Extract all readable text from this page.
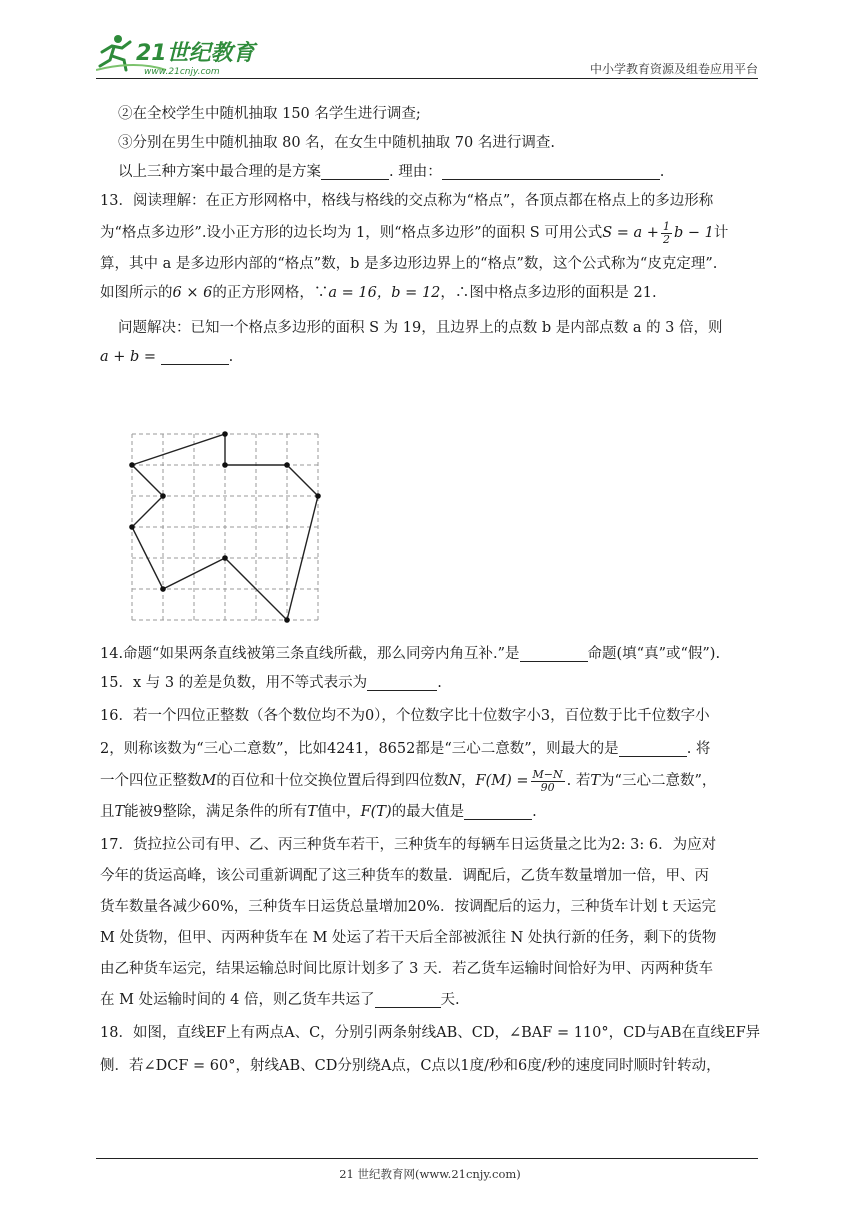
21世纪教育
www.21cnjy.com	中小学教育资源及组卷应用平台
②在全校学生中随机抽取 150 名学生进行调查;
③分别在男生中随机抽取 80 名，在女生中随机抽取 70 名进行调查.
以上三种方案中最合理的是方案	. 理由：	.
13．阅读理解：在正方形网格中，格线与格线的交点称为“格点”，各顶点都在格点上的多边形称
为“格点多边形”.设小正方形的边长均为 1，则“格点多边形”的面积 S 可用公式$S = a + \frac{1}{2}$ b − 1计
算，其中 a 是多边形内部的“格点”数，b 是多边形边界上的“格点”数，这个公式称为“皮克定理”.
如图所示的6 × 6的正方形网格，∵a = 16，b = 12，∴图中格点多边形的面积是 21.
问题解决：已知一个格点多边形的面积 S 为 19，且边界上的点数 b 是内部点数 a 的 3 倍，则
a + b =	.
14.命题“如果两条直线被第三条直线所截，那么同旁内角互补.”是	命题(填“真”或“假”).
15．x 与 3 的差是负数，用不等式表示为	.
16．若一个四位正整数（各个数位均不为0），个位数字比十位数字小3，百位数于比千位数字小
2，则称该数为“三心二意数”，比如4241，8652都是“三心二意数”，则最大的是	. 将
一个四位正整数M的百位和十位交换位置后得到四位数N，$F(M) = \frac{M-N}{90}$ . 若T为“三心二意数”，
且T能被9整除，满足条件的所有T值中，F(T)的最大值是	.
17．货拉拉公司有甲、乙、丙三种货车若干，三种货车的每辆车日运货量之比为2: 3: 6．为应对
今年的货运高峰，该公司重新调配了这三种货车的数量．调配后，乙货车数量增加一倍，甲、丙
货车数量各减少60%，三种货车日运货总量增加20%．按调配后的运力，三种货车计划 t 天运完
M 处货物，但甲、丙两种货车在 M 处运了若干天后全部被派往 N 处执行新的任务，剩下的货物
由乙种货车运完，结果运输总时间比原计划多了 3 天．若乙货车运输时间恰好为甲、丙两种货车
在 M 处运输时间的 4 倍，则乙货车共运了	天.
18．如图，直线EF上有两点A、C，分别引两条射线AB、CD，∠BAF = 110°，CD与AB在直线EF异
侧．若∠DCF = 60°，射线AB、CD分别绕A点，C点以1度/秒和6度/秒的速度同时顺时针转动，
21 世纪教育网(www.21cnjy.com)
